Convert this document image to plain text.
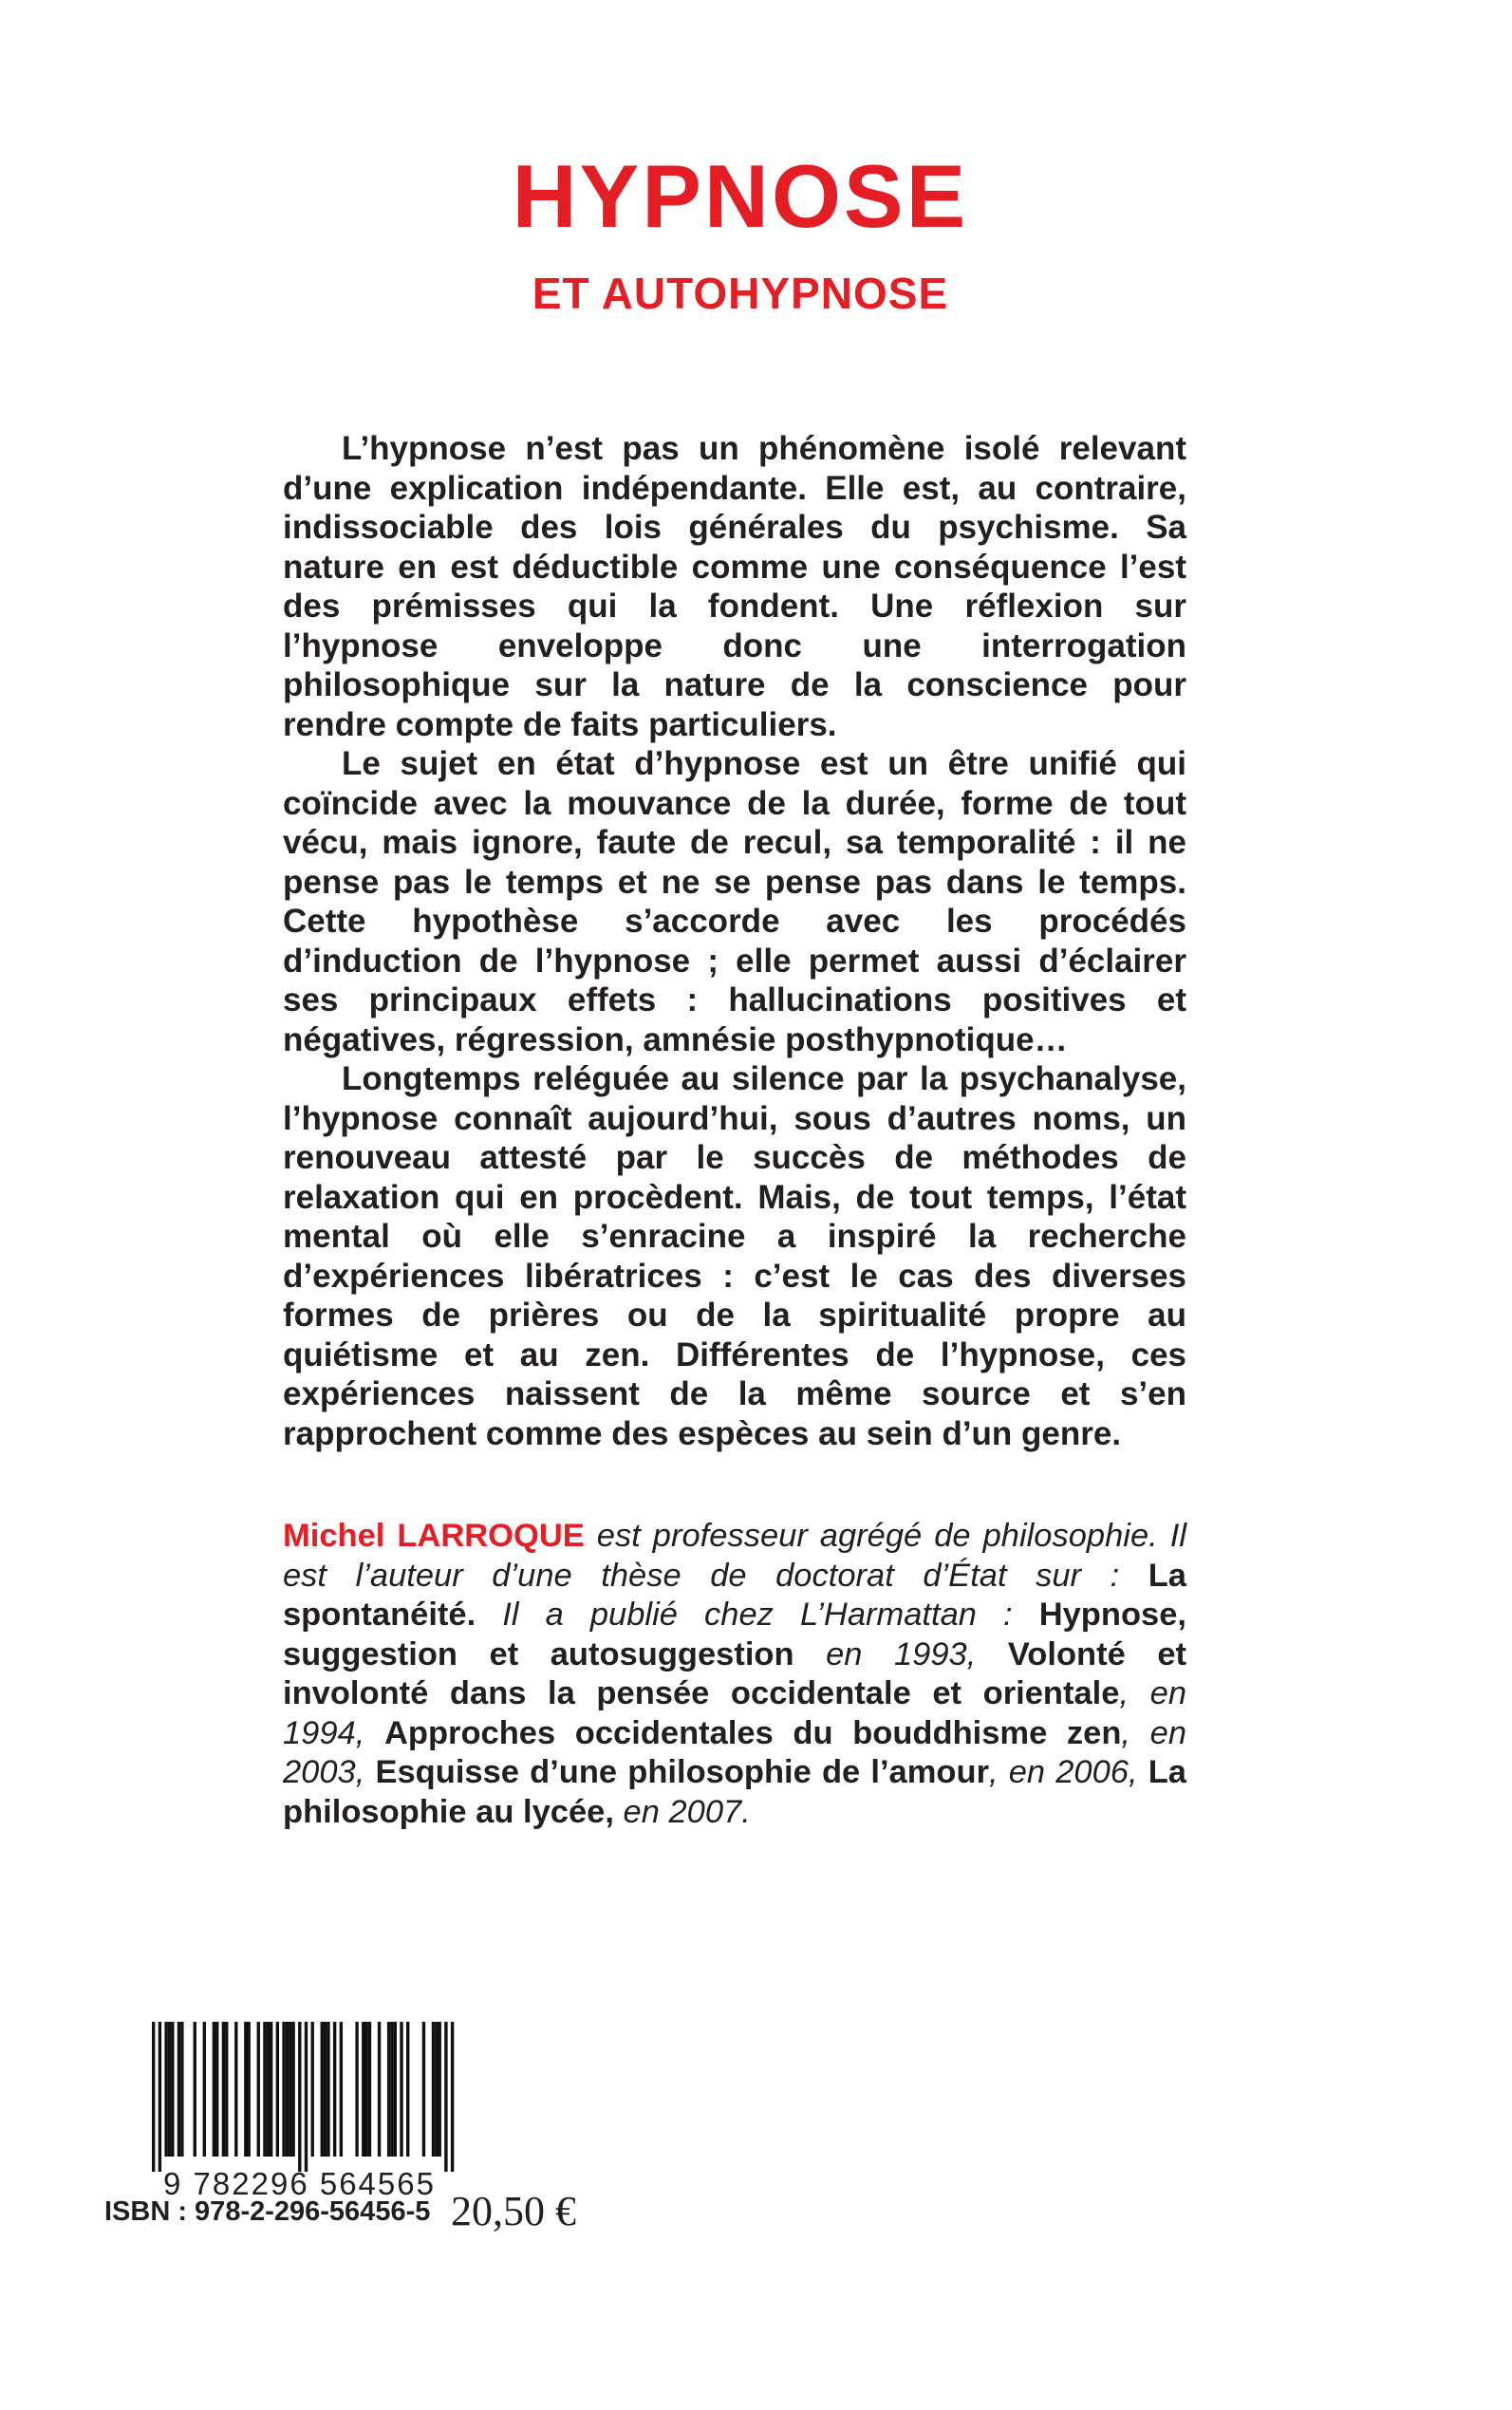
HYPNOSE
ET AUTOHYPNOSE

L’hypnose n’est pas un phénomène isolé relevant d’une explication indépendante. Elle est, au contraire, indissociable des lois générales du psychisme. Sa nature en est déductible comme une conséquence l’est des prémisses qui la fondent. Une réflexion sur l’hypnose enveloppe donc une interrogation philosophique sur la nature de la conscience pour rendre compte de faits particuliers.

Le sujet en état d’hypnose est un être unifié qui coïncide avec la mouvance de la durée, forme de tout vécu, mais ignore, faute de recul, sa temporalité : il ne pense pas le temps et ne se pense pas dans le temps. Cette hypothèse s’accorde avec les procédés d’induction de l’hypnose ; elle permet aussi d’éclairer ses principaux effets : hallucinations positives et négatives, régression, amnésie posthypnotique…

Longtemps reléguée au silence par la psychanalyse, l’hypnose connaît aujourd’hui, sous d’autres noms, un renouveau attesté par le succès de méthodes de relaxation qui en procèdent. Mais, de tout temps, l’état mental où elle s’enracine a inspiré la recherche d’expériences libératrices : c’est le cas des diverses formes de prières ou de la spiritualité propre au quiétisme et au zen. Différentes de l’hypnose, ces expériences naissent de la même source et s’en rapprochent comme des espèces au sein d’un genre.

Michel LARROQUE est professeur agrégé de philosophie. Il est l’auteur d’une thèse de doctorat d’État sur : La spontanéité. Il a publié chez L’Harmattan : Hypnose, suggestion et autosuggestion en 1993, Volonté et involonté dans la pensée occidentale et orientale, en 1994, Approches occidentales du bouddhisme zen, en 2003, Esquisse d’une philosophie de l’amour, en 2006, La philosophie au lycée, en 2007.

9 782296 564565

ISBN : 978-2-296-56456-5 20,50 €
